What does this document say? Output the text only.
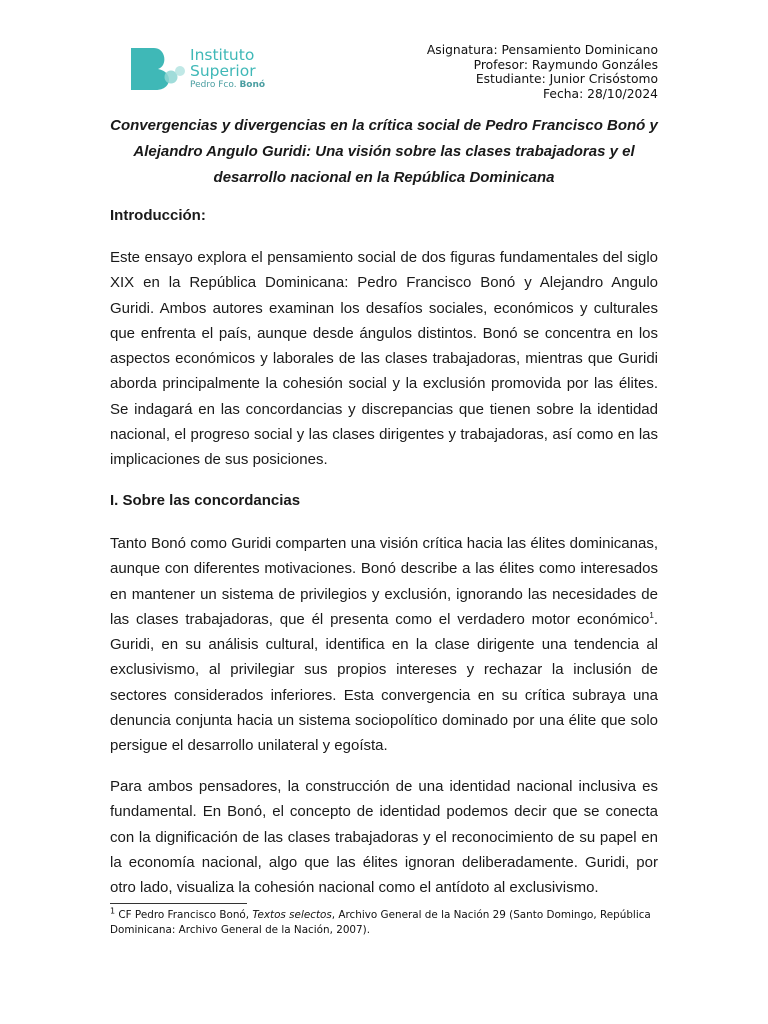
Instituto
Superior
Pedro Fco. Bonó
Asignatura: Pensamiento Dominicano
Profesor: Raymundo Gonzáles
Estudiante: Junior Crisóstomo
Fecha: 28/10/2024
Convergencias y divergencias en la crítica social de Pedro Francisco Bonó y Alejandro Angulo Guridi: Una visión sobre las clases trabajadoras y el desarrollo nacional en la República Dominicana
Introducción:

Este ensayo explora el pensamiento social de dos figuras fundamentales del siglo XIX en la República Dominicana: Pedro Francisco Bonó y Alejandro Angulo Guridi. Ambos autores examinan los desafíos sociales, económicos y culturales que enfrenta el país, aunque desde ángulos distintos. Bonó se concentra en los aspectos económicos y laborales de las clases trabajadoras, mientras que Guridi aborda principalmente la cohesión social y la exclusión promovida por las élites. Se indagará en las concordancias y discrepancias que tienen sobre la identidad nacional, el progreso social y las clases dirigentes y trabajadoras, así como en las implicaciones de sus posiciones.

I. Sobre las concordancias

Tanto Bonó como Guridi comparten una visión crítica hacia las élites dominicanas, aunque con diferentes motivaciones. Bonó describe a las élites como interesados en mantener un sistema de privilegios y exclusión, ignorando las necesidades de las clases trabajadoras, que él presenta como el verdadero motor económico$^1$. Guridi, en su análisis cultural, identifica en la clase dirigente una tendencia al exclusivismo, al privilegiar sus propios intereses y rechazar la inclusión de sectores considerados inferiores. Esta convergencia en su crítica subraya una denuncia conjunta hacia un sistema sociopolítico dominado por una élite que solo persigue el desarrollo unilateral y egoísta.

Para ambos pensadores, la construcción de una identidad nacional inclusiva es fundamental. En Bonó, el concepto de identidad podemos decir que se conecta con la dignificación de las clases trabajadoras y el reconocimiento de su papel en la economía nacional, algo que las élites ignoran deliberadamente. Guridi, por otro lado, visualiza la cohesión nacional como el antídoto al exclusivismo.

$^1$ CF Pedro Francisco Bonó, Textos selectos, Archivo General de la Nación 29 (Santo Domingo, República Dominicana: Archivo General de la Nación, 2007).
